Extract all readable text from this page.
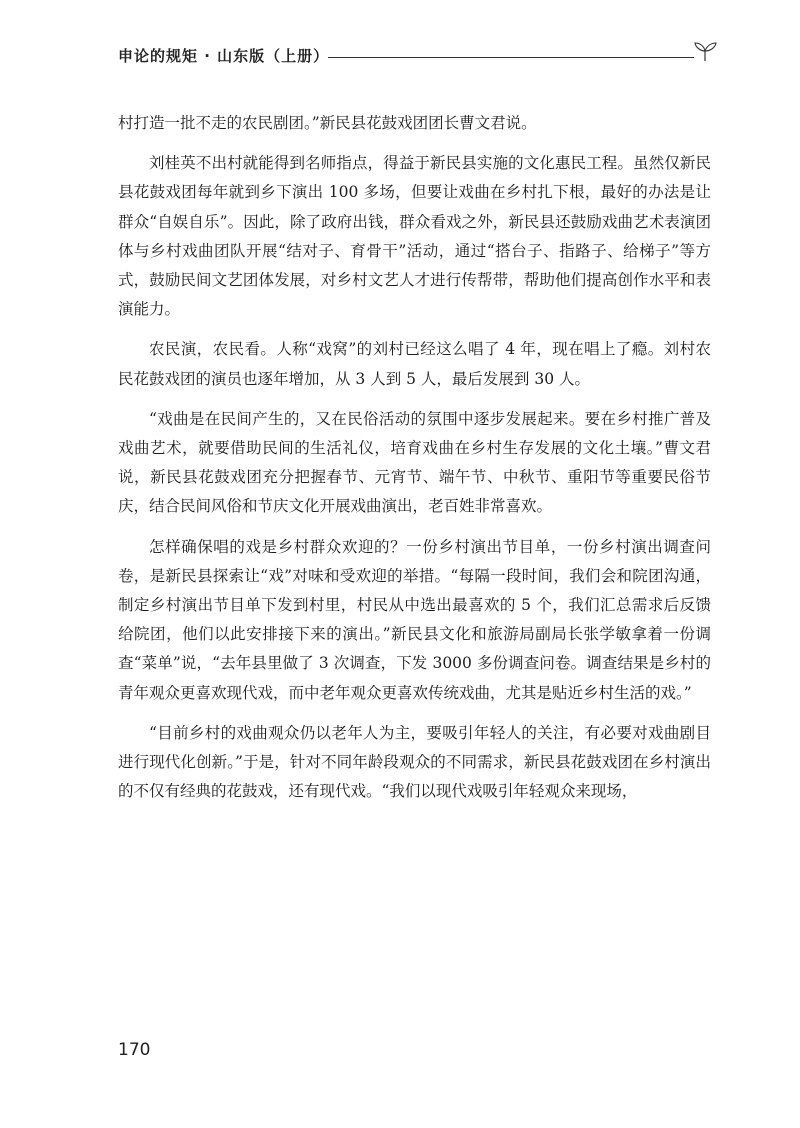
申论的规矩 · 山东版（上册）

村打造一批不走的农民剧团。”新民县花鼓戏团团长曹文君说。

刘桂英不出村就能得到名师指点，得益于新民县实施的文化惠民工程。虽然仅新民县花鼓戏团每年就到乡下演出 100 多场，但要让戏曲在乡村扎下根，最好的办法是让群众“自娱自乐”。因此，除了政府出钱，群众看戏之外，新民县还鼓励戏曲艺术表演团体与乡村戏曲团队开展“结对子、育骨干”活动，通过“搭台子、指路子、给梯子”等方式，鼓励民间文艺团体发展，对乡村文艺人才进行传帮带，帮助他们提高创作水平和表演能力。

农民演，农民看。人称“戏窝”的刘村已经这么唱了 4 年，现在唱上了瘾。刘村农民花鼓戏团的演员也逐年增加，从 3 人到 5 人，最后发展到 30 人。

“戏曲是在民间产生的，又在民俗活动的氛围中逐步发展起来。要在乡村推广普及戏曲艺术，就要借助民间的生活礼仪，培育戏曲在乡村生存发展的文化土壤。”曹文君说，新民县花鼓戏团充分把握春节、元宵节、端午节、中秋节、重阳节等重要民俗节庆，结合民间风俗和节庆文化开展戏曲演出，老百姓非常喜欢。

怎样确保唱的戏是乡村群众欢迎的？一份乡村演出节目单，一份乡村演出调查问卷，是新民县探索让“戏”对味和受欢迎的举措。“每隔一段时间，我们会和院团沟通，制定乡村演出节目单下发到村里，村民从中选出最喜欢的 5 个，我们汇总需求后反馈给院团，他们以此安排接下来的演出。”新民县文化和旅游局副局长张学敏拿着一份调查“菜单”说，“去年县里做了 3 次调查，下发 3000 多份调查问卷。调查结果是乡村的青年观众更喜欢现代戏，而中老年观众更喜欢传统戏曲，尤其是贴近乡村生活的戏。”

“目前乡村的戏曲观众仍以老年人为主，要吸引年轻人的关注，有必要对戏曲剧目进行现代化创新。”于是，针对不同年龄段观众的不同需求，新民县花鼓戏团在乡村演出的不仅有经典的花鼓戏，还有现代戏。“我们以现代戏吸引年轻观众来现场，

170
